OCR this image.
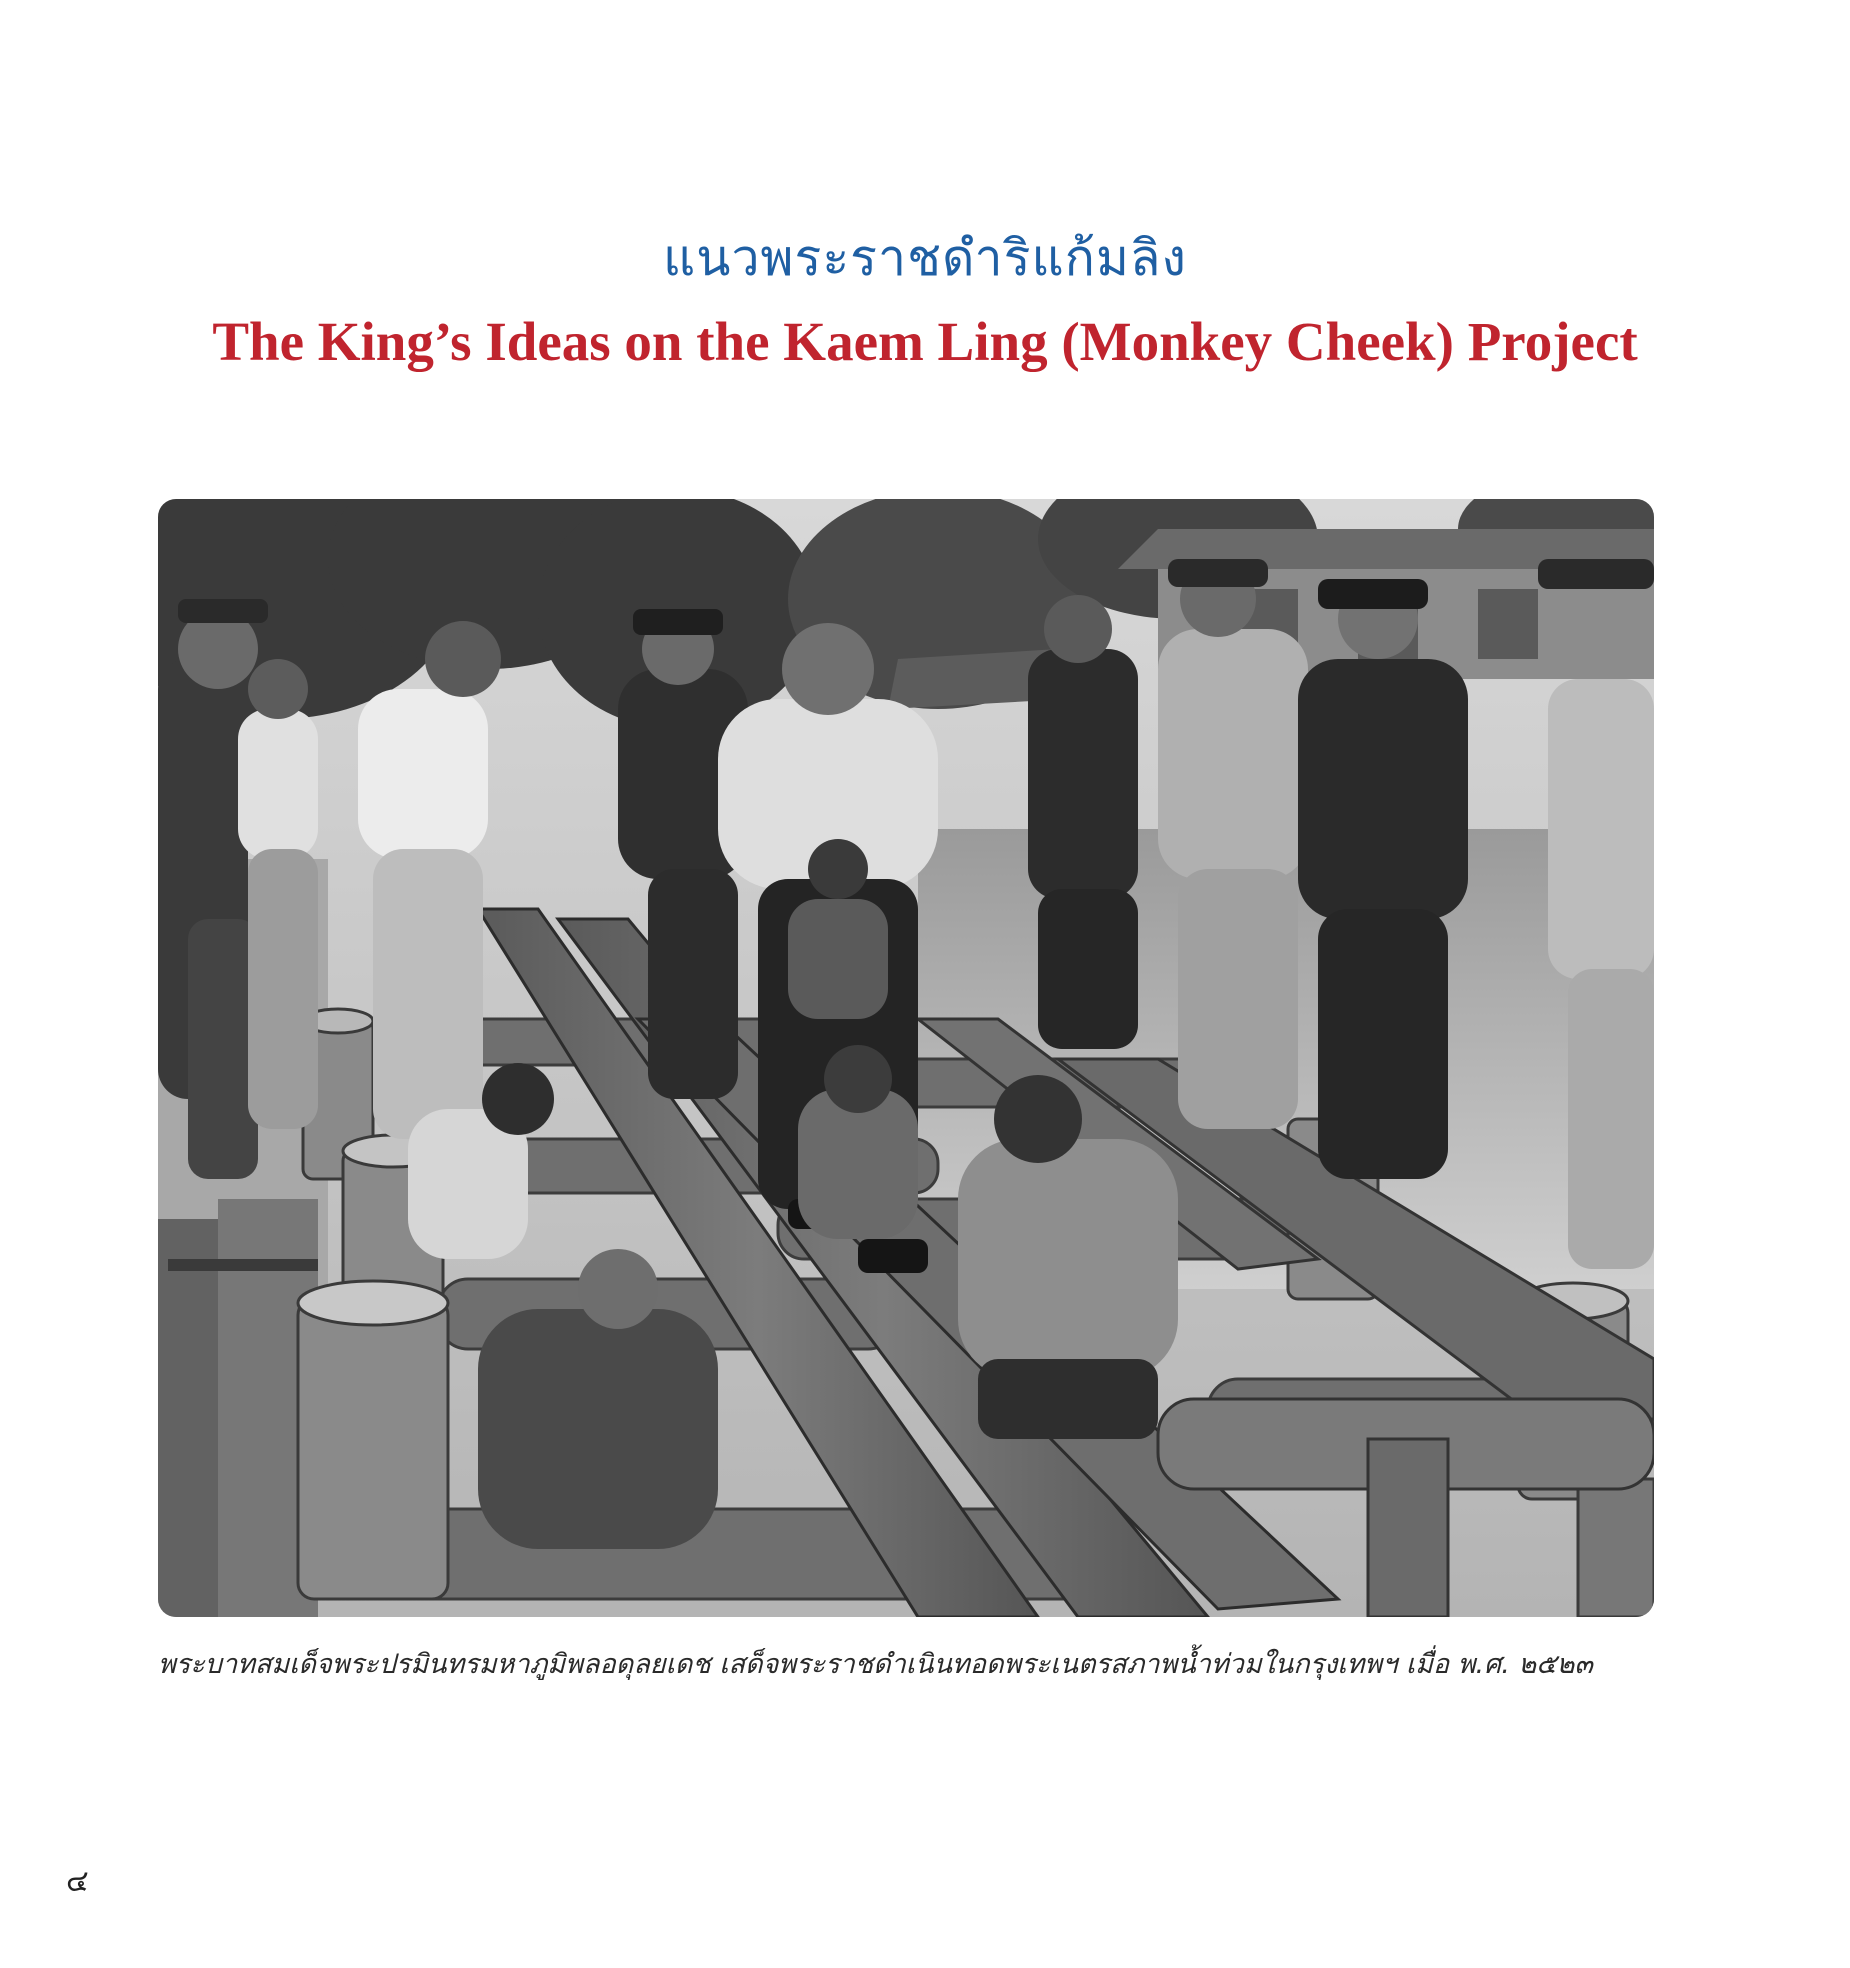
แนวพระราชดำริแก้มลิง
The King’s Ideas on the Kaem Ling (Monkey Cheek) Project
พระบาทสมเด็จพระปรมินทรมหาภูมิพลอดุลยเดช เสด็จพระราชดำเนินทอดพระเนตรสภาพน้ำท่วมในกรุงเทพฯ เมื่อ พ.ศ. ๒๕๒๓
๔
